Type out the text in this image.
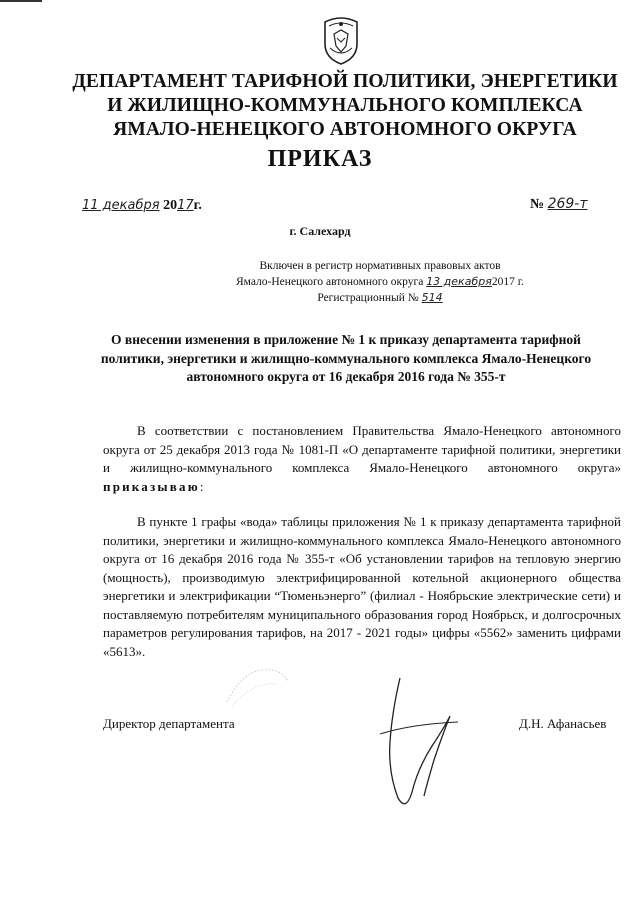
ДЕПАРТАМЕНТ ТАРИФНОЙ ПОЛИТИКИ, ЭНЕРГЕТИКИ
И ЖИЛИЩНО-КОММУНАЛЬНОГО КОМПЛЕКСА
ЯМАЛО-НЕНЕЦКОГО АВТОНОМНОГО ОКРУГА
ПРИКАЗ
11 декабря 2017г.	№ 269-т
г. Салехард
Включен в регистр нормативных правовых актов
Ямало-Ненецкого автономного округа 13 декабря2017 г.
Регистрационный № 514
О внесении изменения в приложение № 1 к приказу департамента тарифной политики, энергетики и жилищно-коммунального комплекса Ямало-Ненецкого автономного округа от 16 декабря 2016 года № 355-т
В соответствии с постановлением Правительства Ямало-Ненецкого автономного округа от 25 декабря 2013 года № 1081-П «О департаменте тарифной политики, энергетики и жилищно-коммунального комплекса Ямало-Ненецкого автономного округа» приказываю:
В пункте 1 графы «вода» таблицы приложения № 1 к приказу департамента тарифной политики, энергетики и жилищно-коммунального комплекса Ямало-Ненецкого автономного округа от 16 декабря 2016 года № 355-т «Об установлении тарифов на тепловую энергию (мощность), производимую электрифицированной котельной акционерного общества энергетики и электрификации “Тюменьэнерго” (филиал - Ноябрьские электрические сети) и поставляемую потребителям муниципального образования город Ноябрьск, и долгосрочных параметров регулирования тарифов, на 2017 - 2021 годы» цифры «5562» заменить цифрами «5613».
Директор департамента	Д.Н. Афанасьев
